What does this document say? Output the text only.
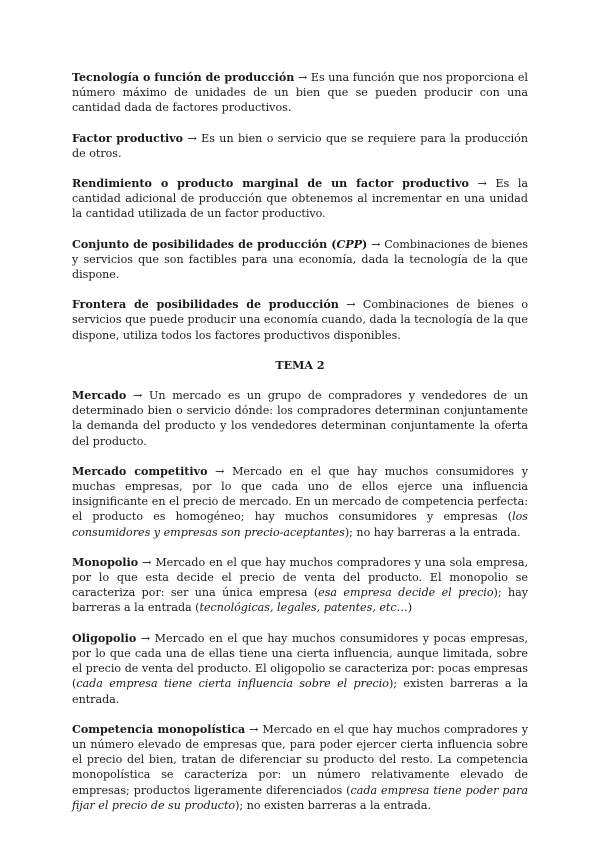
Tecnología o función de producción → Es una función que nos proporciona el número máximo de unidades de un bien que se pueden producir con una cantidad dada de factores productivos.

Factor productivo → Es un bien o servicio que se requiere para la producción de otros.

Rendimiento o producto marginal de un factor productivo → Es la cantidad adicional de producción que obtenemos al incrementar en una unidad la cantidad utilizada de un factor productivo.

Conjunto de posibilidades de producción (CPP) → Combinaciones de bienes y servicios que son factibles para una economía, dada la tecnología de la que dispone.

Frontera de posibilidades de producción → Combinaciones de bienes o servicios que puede producir una economía cuando, dada la tecnología de la que dispone, utiliza todos los factores productivos disponibles.

TEMA 2

Mercado → Un mercado es un grupo de compradores y vendedores de un determinado bien o servicio dónde: los compradores determinan conjuntamente la demanda del producto y los vendedores determinan conjuntamente la oferta del producto.

Mercado competitivo → Mercado en el que hay muchos consumidores y muchas empresas, por lo que cada uno de ellos ejerce una influencia insignificante en el precio de mercado. En un mercado de competencia perfecta: el producto es homogéneo; hay muchos consumidores y empresas (los consumidores y empresas son precio-aceptantes); no hay barreras a la entrada.

Monopolio → Mercado en el que hay muchos compradores y una sola empresa, por lo que esta decide el precio de venta del producto. El monopolio se caracteriza por: ser una única empresa (esa empresa decide el precio); hay barreras a la entrada (tecnológicas, legales, patentes, etc…)

Oligopolio → Mercado en el que hay muchos consumidores y pocas empresas, por lo que cada una de ellas tiene una cierta influencia, aunque limitada, sobre el precio de venta del producto. El oligopolio se caracteriza por: pocas empresas (cada empresa tiene cierta influencia sobre el precio); existen barreras a la entrada.

Competencia monopolística → Mercado en el que hay muchos compradores y un número elevado de empresas que, para poder ejercer cierta influencia sobre el precio del bien, tratan de diferenciar su producto del resto. La competencia monopolística se caracteriza por: un número relativamente elevado de empresas; productos ligeramente diferenciados (cada empresa tiene poder para fijar el precio de su producto); no existen barreras a la entrada.
